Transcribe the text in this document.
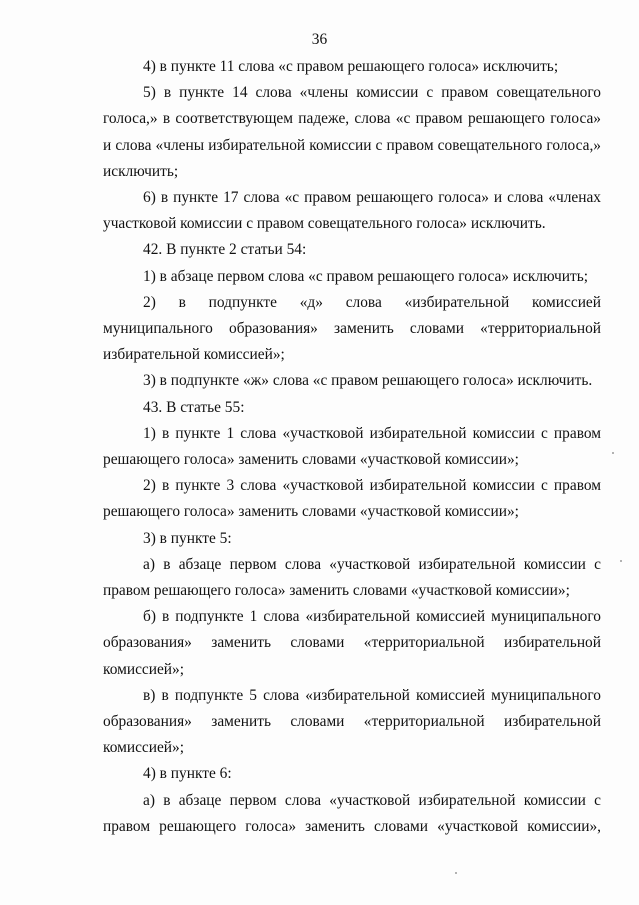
36

4) в пункте 11 слова «с правом решающего голоса» исключить;

5) в пункте 14 слова «члены комиссии с правом совещательного голоса,» в соответствующем падеже, слова «с правом решающего голоса» и слова «члены избирательной комиссии с правом совещательного голоса,» исключить;

6) в пункте 17 слова «с правом решающего голоса» и слова «членах участковой комиссии с правом совещательного голоса» исключить.

42. В пункте 2 статьи 54:

1) в абзаце первом слова «с правом решающего голоса» исключить;

2) в подпункте «д» слова «избирательной комиссией муниципального образования» заменить словами «территориальной избирательной комиссией»;

3) в подпункте «ж» слова «с правом решающего голоса» исключить.

43. В статье 55:

1) в пункте 1 слова «участковой избирательной комиссии с правом решающего голоса» заменить словами «участковой комиссии»;

2) в пункте 3 слова «участковой избирательной комиссии с правом решающего голоса» заменить словами «участковой комиссии»;

3) в пункте 5:

а) в абзаце первом слова «участковой избирательной комиссии с правом решающего голоса» заменить словами «участковой комиссии»;

б) в подпункте 1 слова «избирательной комиссией муниципального образования» заменить словами «территориальной избирательной комиссией»;

в) в подпункте 5 слова «избирательной комиссией муниципального образования» заменить словами «территориальной избирательной комиссией»;

4) в пункте 6:

а) в абзаце первом слова «участковой избирательной комиссии с правом решающего голоса» заменить словами «участковой комиссии»,
